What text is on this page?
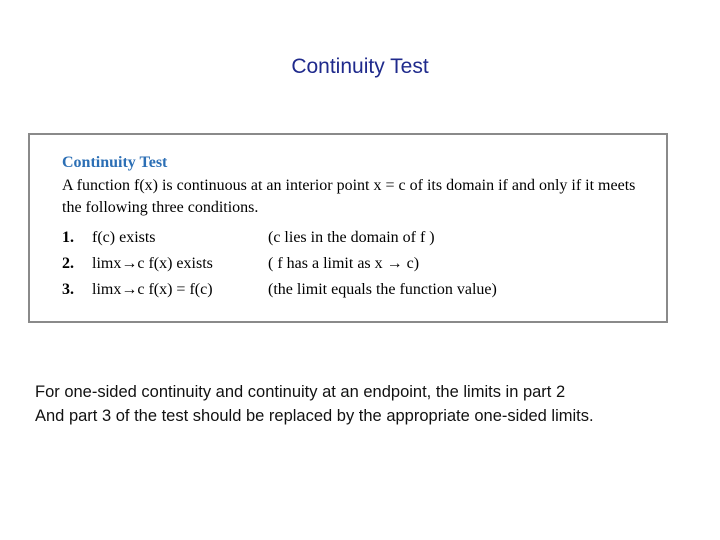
Continuity Test
Continuity Test
A function f(x) is continuous at an interior point x = c of its domain if and only if it meets the following three conditions.
1. f(c) exists	(c lies in the domain of f )
2. limx→c f(x) exists	( f has a limit as x → c)
3. limx→c f(x) = f(c)	(the limit equals the function value)
For one-sided continuity and continuity at an endpoint, the limits in part 2
And part 3 of the test should be replaced by the appropriate one-sided limits.
